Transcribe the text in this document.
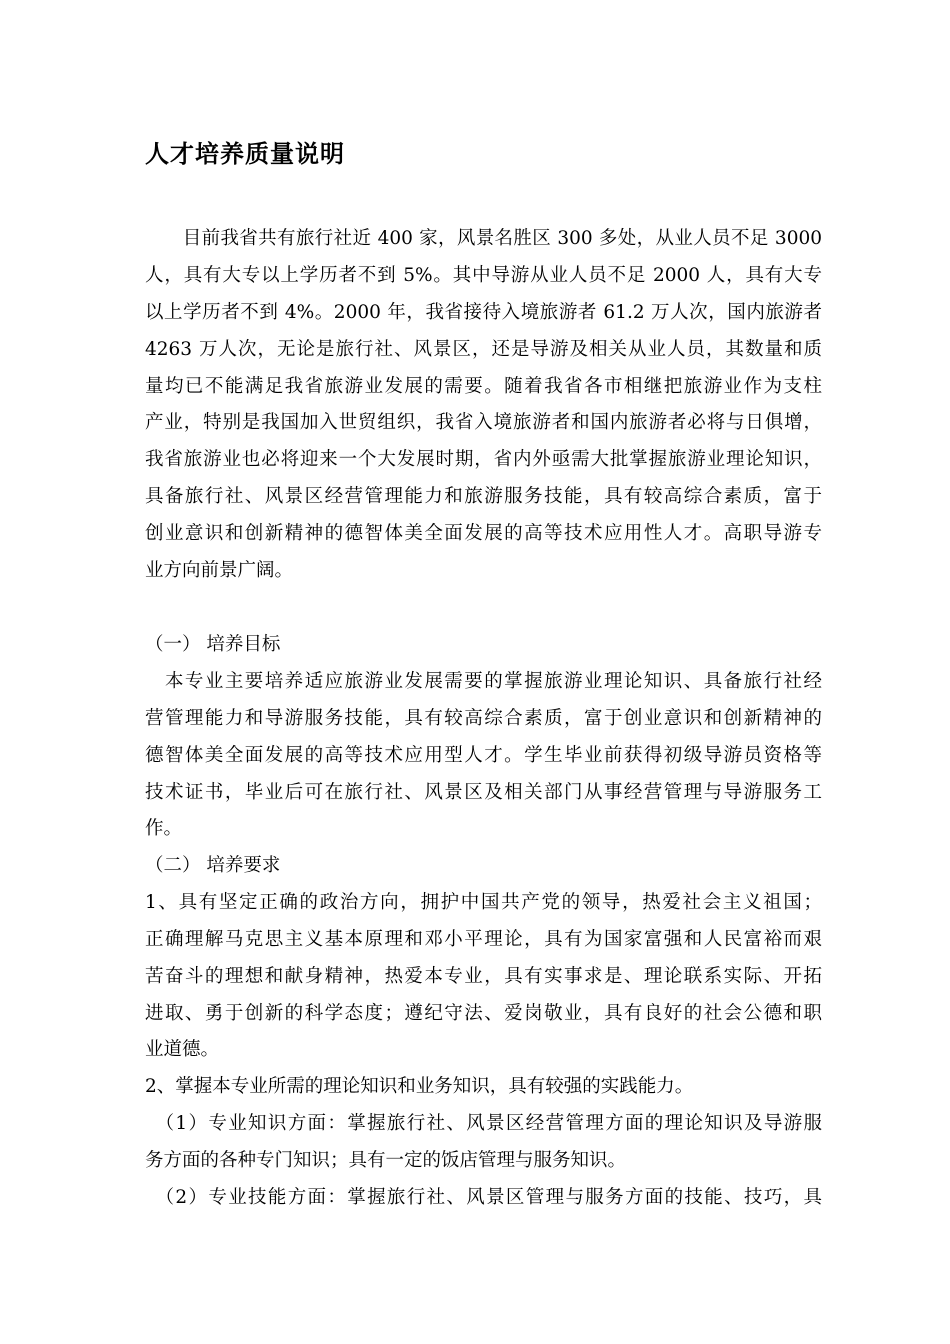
人才培养质量说明
　　目前我省共有旅行社近 400 家，风景名胜区 300 多处，从业人员不足 3000
人，具有大专以上学历者不到 5%。其中导游从业人员不足 2000 人，具有大专
以上学历者不到 4%。2000 年，我省接待入境旅游者 61.2 万人次，国内旅游者
4263 万人次，无论是旅行社、风景区，还是导游及相关从业人员，其数量和质
量均已不能满足我省旅游业发展的需要。随着我省各市相继把旅游业作为支柱
产业，特别是我国加入世贸组织，我省入境旅游者和国内旅游者必将与日俱增，
我省旅游业也必将迎来一个大发展时期，省内外亟需大批掌握旅游业理论知识，
具备旅行社、风景区经营管理能力和旅游服务技能，具有较高综合素质，富于
创业意识和创新精神的德智体美全面发展的高等技术应用性人才。高职导游专
业方向前景广阔。
（一） 培养目标
　本专业主要培养适应旅游业发展需要的掌握旅游业理论知识、具备旅行社经
营管理能力和导游服务技能，具有较高综合素质，富于创业意识和创新精神的
德智体美全面发展的高等技术应用型人才。学生毕业前获得初级导游员资格等
技术证书，毕业后可在旅行社、风景区及相关部门从事经营管理与导游服务工
作。
（二） 培养要求
1、具有坚定正确的政治方向，拥护中国共产党的领导，热爱社会主义祖国；
正确理解马克思主义基本原理和邓小平理论，具有为国家富强和人民富裕而艰
苦奋斗的理想和献身精神，热爱本专业，具有实事求是、理论联系实际、开拓
进取、勇于创新的科学态度；遵纪守法、爱岗敬业，具有良好的社会公德和职
业道德。
2、掌握本专业所需的理论知识和业务知识，具有较强的实践能力。
　（1）专业知识方面：掌握旅行社、风景区经营管理方面的理论知识及导游服
务方面的各种专门知识；具有一定的饭店管理与服务知识。
　（2）专业技能方面：掌握旅行社、风景区管理与服务方面的技能、技巧，具
